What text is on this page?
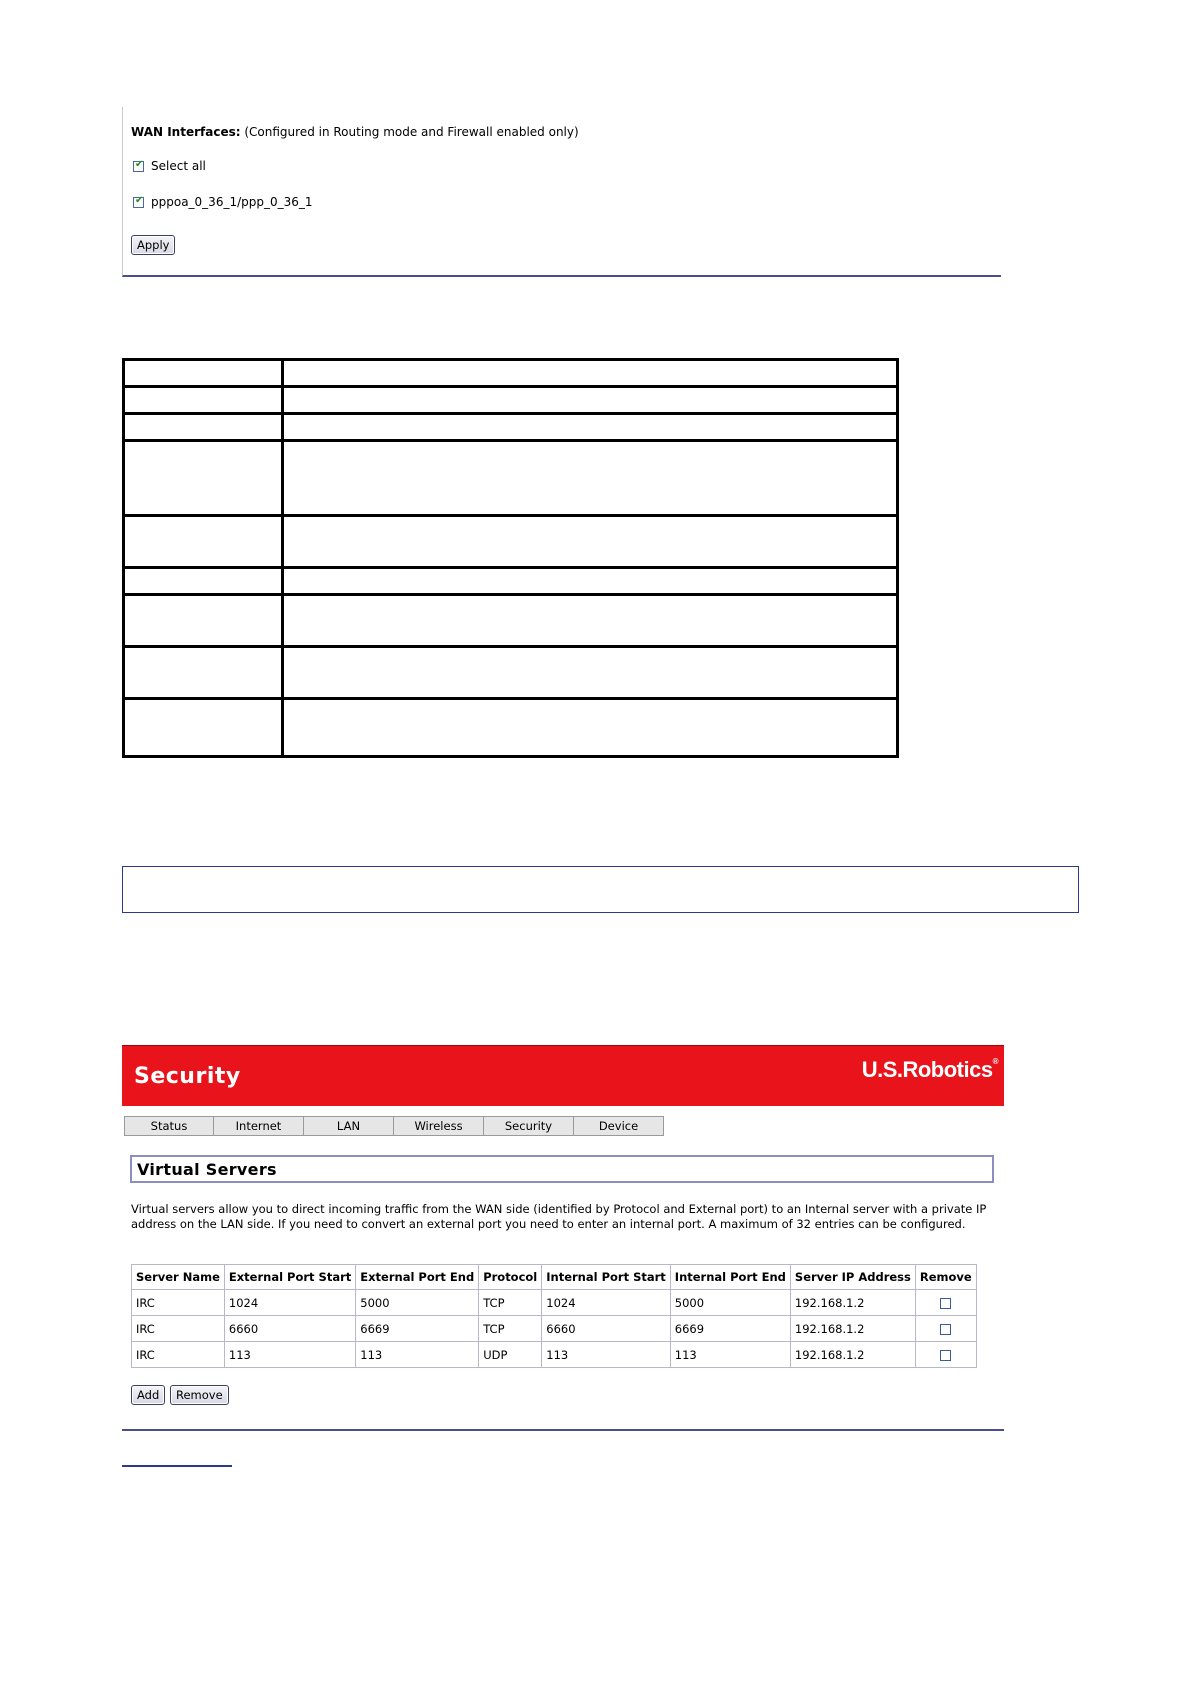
WAN Interfaces: (Configured in Routing mode and Firewall enabled only)
✔
Select all
✔
pppoa_0_36_1/ppp_0_36_1
Apply
Security	U.S.Robotics®
Status	Internet	LAN	Wireless	Security	Device
Virtual Servers
Virtual servers allow you to direct incoming traffic from the WAN side (identified by Protocol and External port) to an Internal server with a private IP address on the LAN side. If you need to convert an external port you need to enter an internal port. A maximum of 32 entries can be configured.
Server Name	External Port Start	External Port End	Protocol	Internal Port Start	Internal Port End	Server IP Address	Remove
IRC	1024	5000	TCP	1024	5000	192.168.1.2	
IRC	6660	6669	TCP	6660	6669	192.168.1.2	
IRC	113	113	UDP	113	113	192.168.1.2	
Add	Remove
